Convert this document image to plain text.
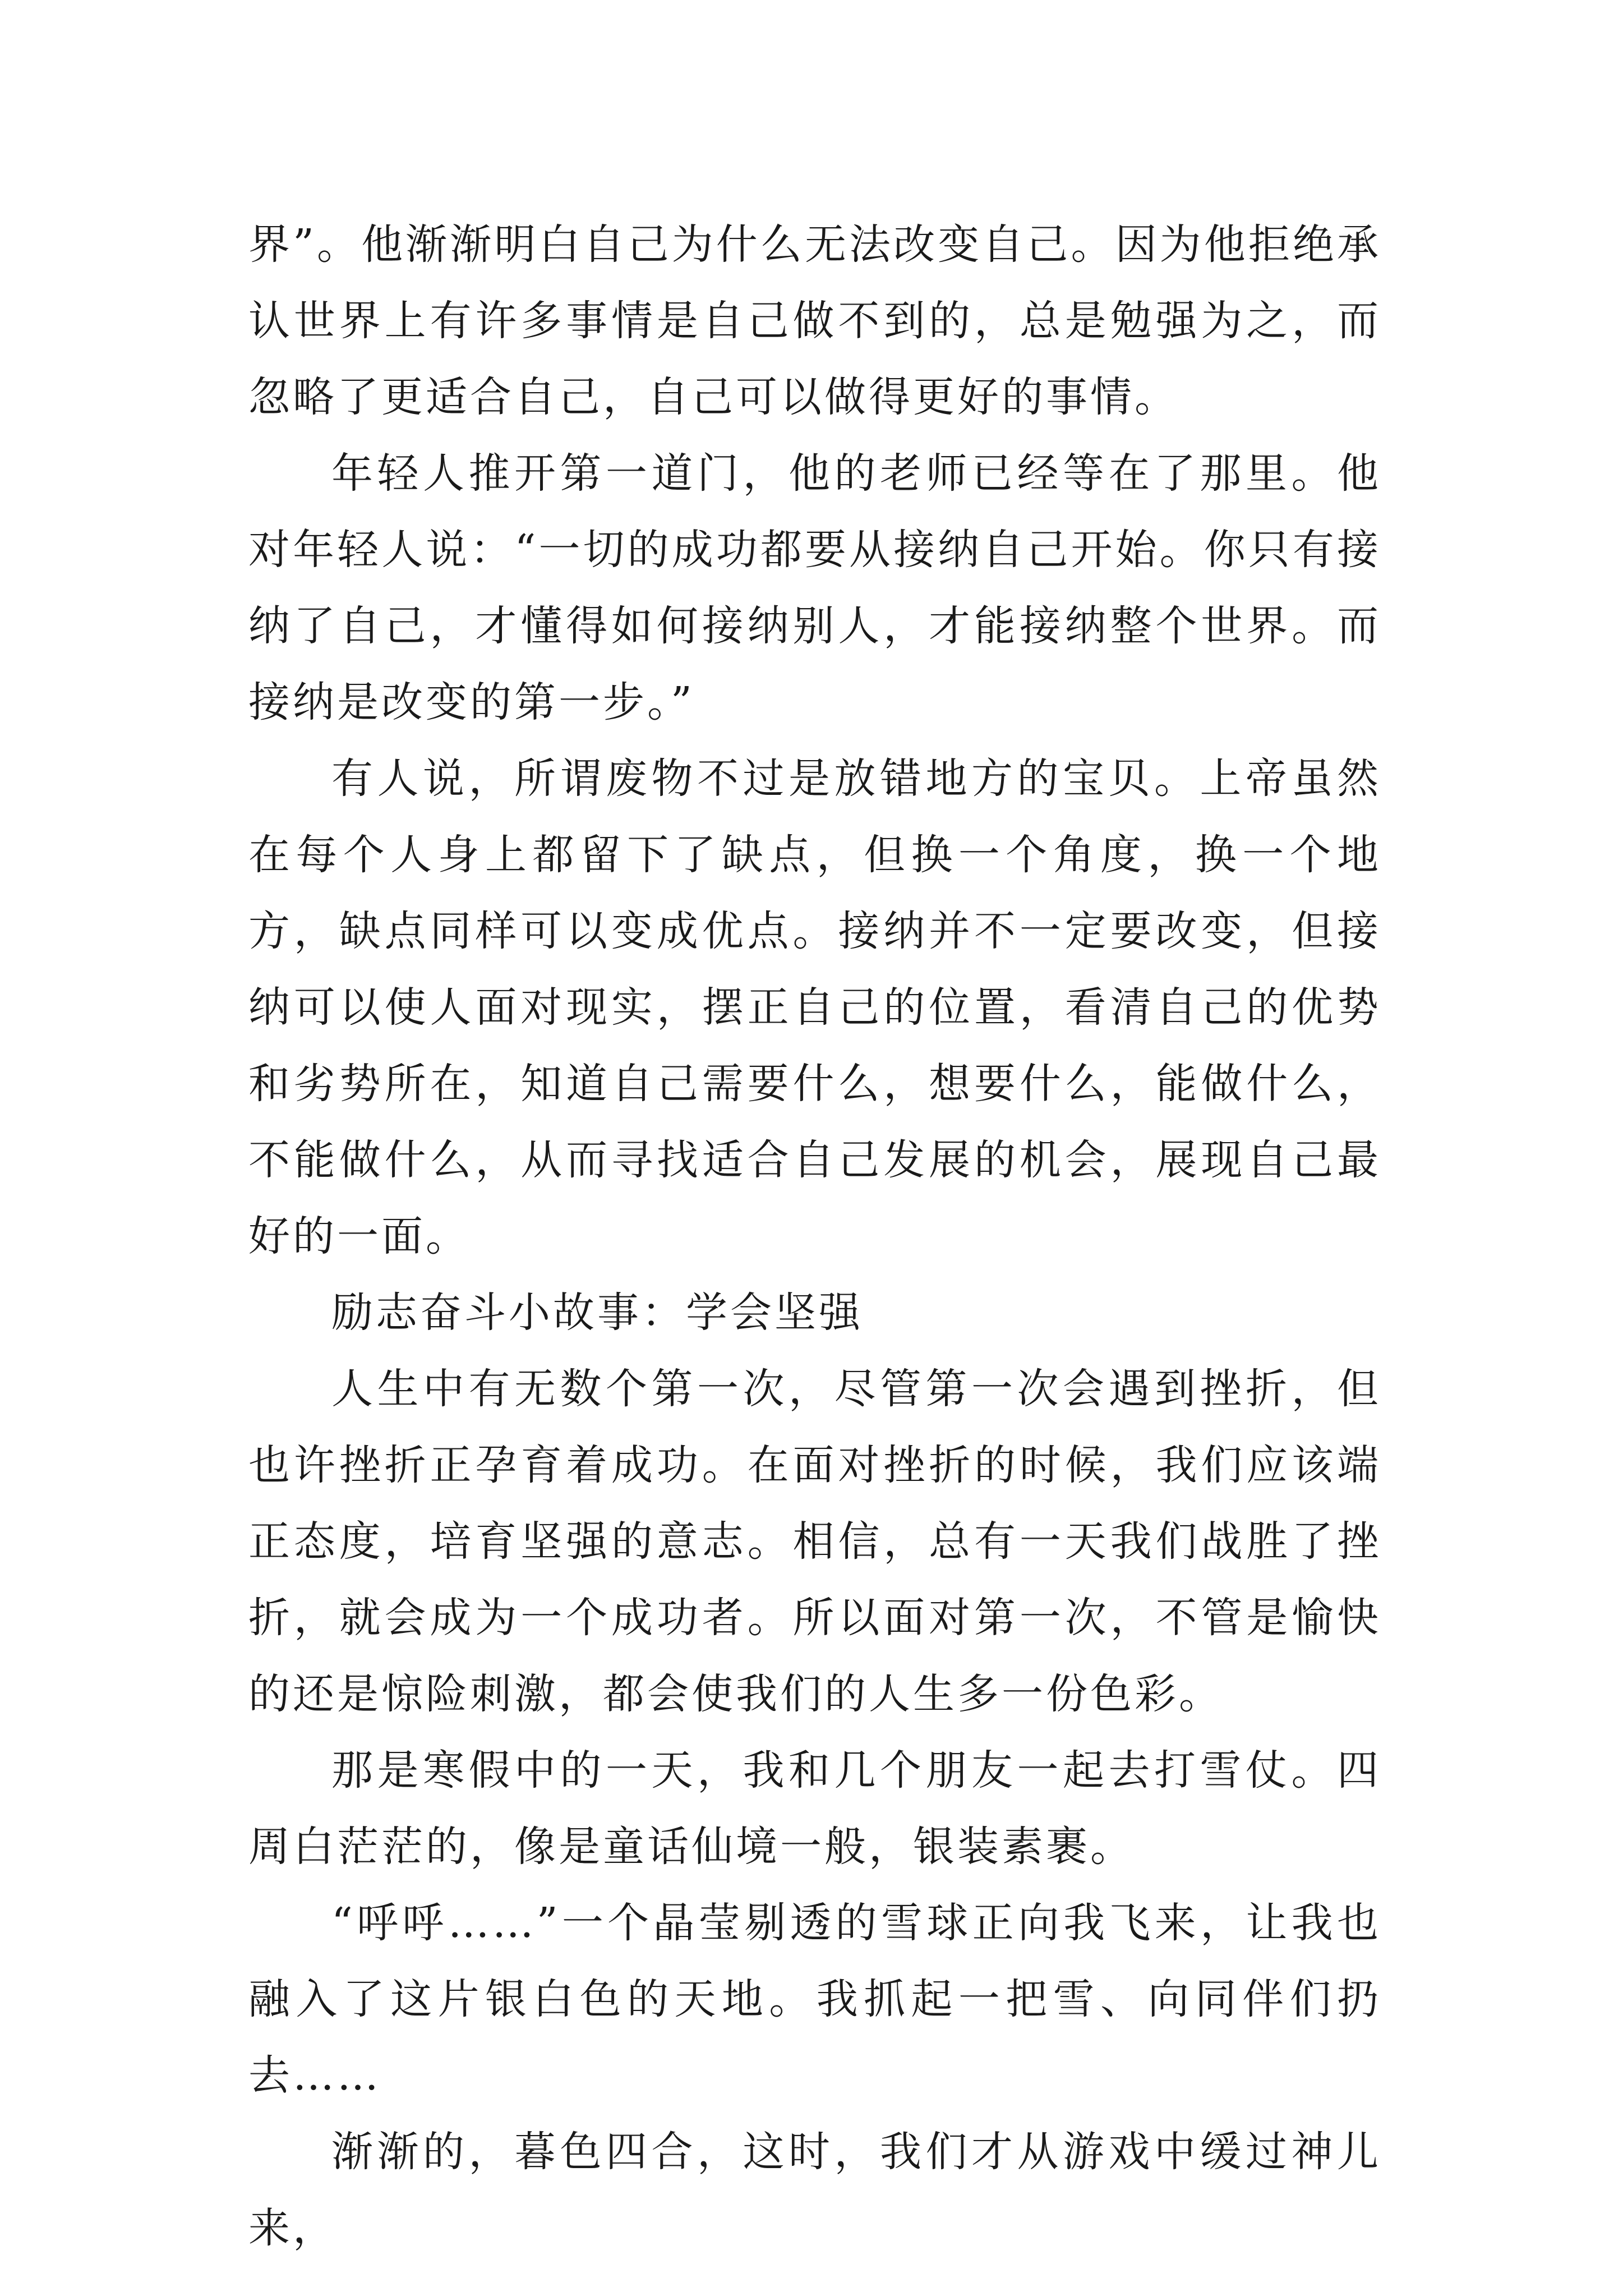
界”。他渐渐明白自己为什么无法改变自己。因为他拒绝承认世界上有许多事情是自己做不到的，总是勉强为之，而忽略了更适合自己，自己可以做得更好的事情。

年轻人推开第一道门，他的老师已经等在了那里。他对年轻人说：“一切的成功都要从接纳自己开始。你只有接纳了自己，才懂得如何接纳别人，才能接纳整个世界。而接纳是改变的第一步。”

有人说，所谓废物不过是放错地方的宝贝。上帝虽然在每个人身上都留下了缺点，但换一个角度，换一个地方，缺点同样可以变成优点。接纳并不一定要改变，但接纳可以使人面对现实，摆正自己的位置，看清自己的优势和劣势所在，知道自己需要什么，想要什么，能做什么，不能做什么，从而寻找适合自己发展的机会，展现自己最好的一面。

励志奋斗小故事：学会坚强

人生中有无数个第一次，尽管第一次会遇到挫折，但也许挫折正孕育着成功。在面对挫折的时候，我们应该端正态度，培育坚强的意志。相信，总有一天我们战胜了挫折，就会成为一个成功者。所以面对第一次，不管是愉快的还是惊险刺激，都会使我们的人生多一份色彩。

那是寒假中的一天，我和几个朋友一起去打雪仗。四周白茫茫的，像是童话仙境一般，银装素裹。

“呼呼……”一个晶莹剔透的雪球正向我飞来，让我也融入了这片银白色的天地。我抓起一把雪、向同伴们扔去……

渐渐的，暮色四合，这时，我们才从游戏中缓过神儿来，
